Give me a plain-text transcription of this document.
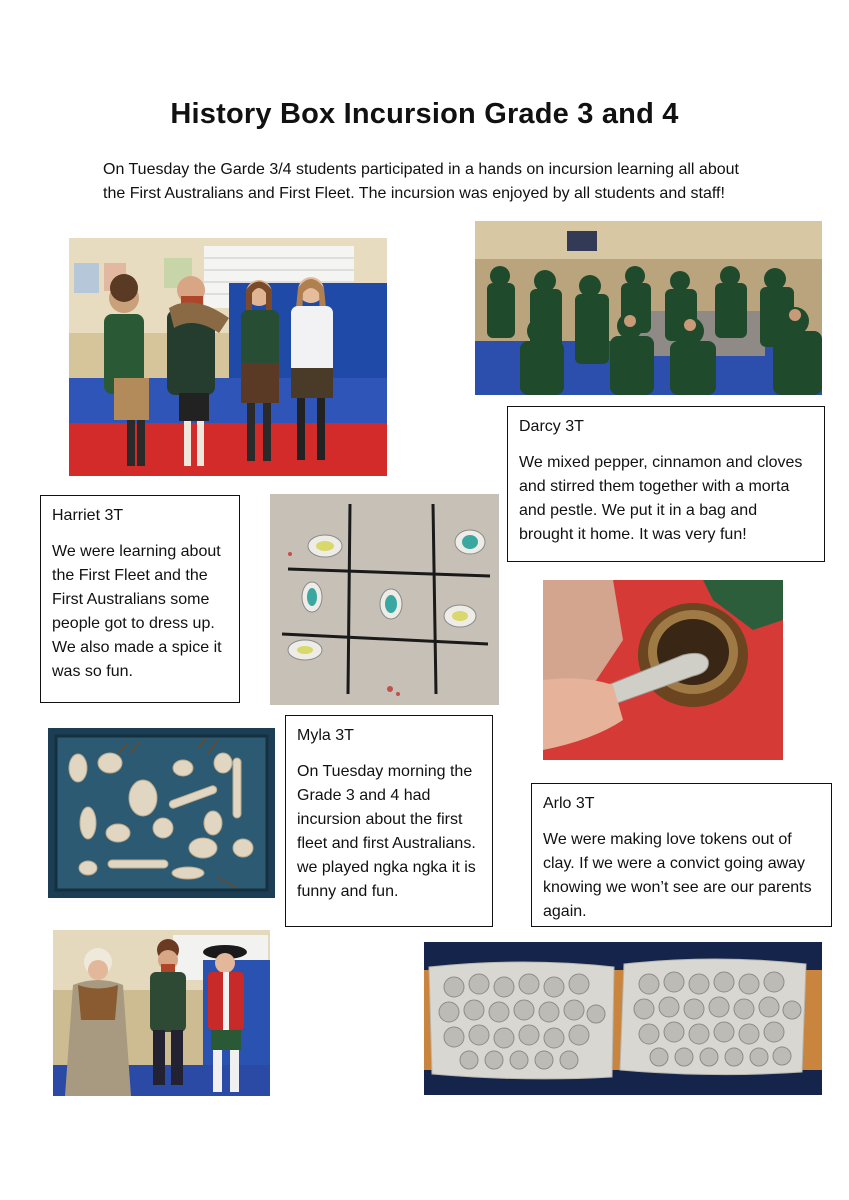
History Box Incursion Grade 3 and 4

On Tuesday the Garde 3/4 students participated in a hands on incursion learning all about the First Australians and First Fleet. The incursion was enjoyed by all students and staff!

Darcy 3T

We mixed pepper, cinnamon and cloves and stirred them together with a morta and pestle. We put it in a bag and brought it home. It was very fun!

Harriet 3T

We were learning about the First Fleet and the First Australians some people got to dress up. We also made a spice it was so fun.

Myla 3T

On Tuesday morning the Grade 3 and 4 had incursion about the first fleet and first Australians. we played ngka ngka it is funny and fun.

Arlo 3T

We were making love tokens out of clay. If we were a convict going away knowing we won’t see are our parents again.
